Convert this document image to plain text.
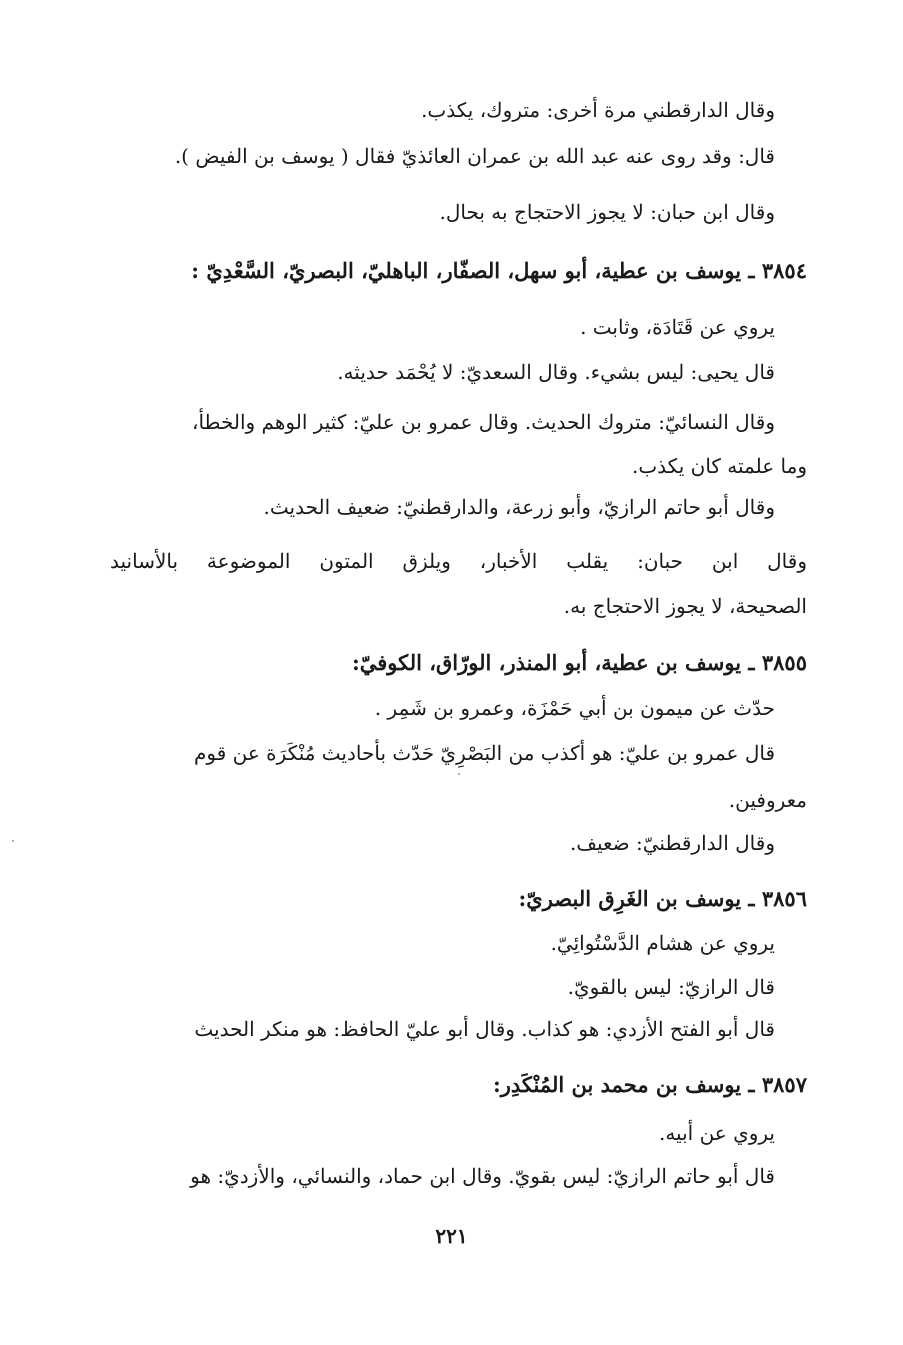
وقال الدارقطني مرة أخرى: متروك، يكذب.
قال: وقد روى عنه عبد الله بن عمران العائذيّ فقال ( يوسف بن الفيض ).
وقال ابن حبان: لا يجوز الاحتجاج به بحال.
٣٨٥٤ ـ يوسف بن عطية، أبو سهل، الصفّار، الباهليّ، البصريّ، السَّعْدِيّ :
يروي عن قَتَادَة، وثابت .
قال يحيى: ليس بشيء. وقال السعديّ: لا يُحْمَد حديثه.
وقال النسائيّ: متروك الحديث. وقال عمرو بن عليّ: كثير الوهم والخطأ،
وما علمته كان يكذب.
وقال أبو حاتم الرازيّ، وأبو زرعة، والدارقطنيّ: ضعيف الحديث.
وقال ابن حبان: يقلب الأخبار، ويلزق المتون الموضوعة بالأسانيد
الصحيحة، لا يجوز الاحتجاج به.
٣٨٥٥ ـ يوسف بن عطية، أبو المنذر، الورّاق، الكوفيّ:
حدّث عن ميمون بن أبي حَمْزَة، وعمرو بن شَمِر .
قال عمرو بن عليّ: هو أكذب من البَصْرِيّ حَدّث بأحاديث مُنْكَرَة عن قوم
معروفين.
وقال الدارقطنيّ: ضعيف.
٣٨٥٦ ـ يوسف بن الغَرِق البصريّ:
يروي عن هشام الدَّسْتُوائِيّ.
قال الرازيّ: ليس بالقويّ.
قال أبو الفتح الأزدي: هو كذاب. وقال أبو عليّ الحافظ: هو منكر الحديث
٣٨٥٧ ـ يوسف بن محمد بن المُنْكَدِر:
يروي عن أبيه.
قال أبو حاتم الرازيّ: ليس بقويّ. وقال ابن حماد، والنسائي، والأزديّ: هو
٢٢١
